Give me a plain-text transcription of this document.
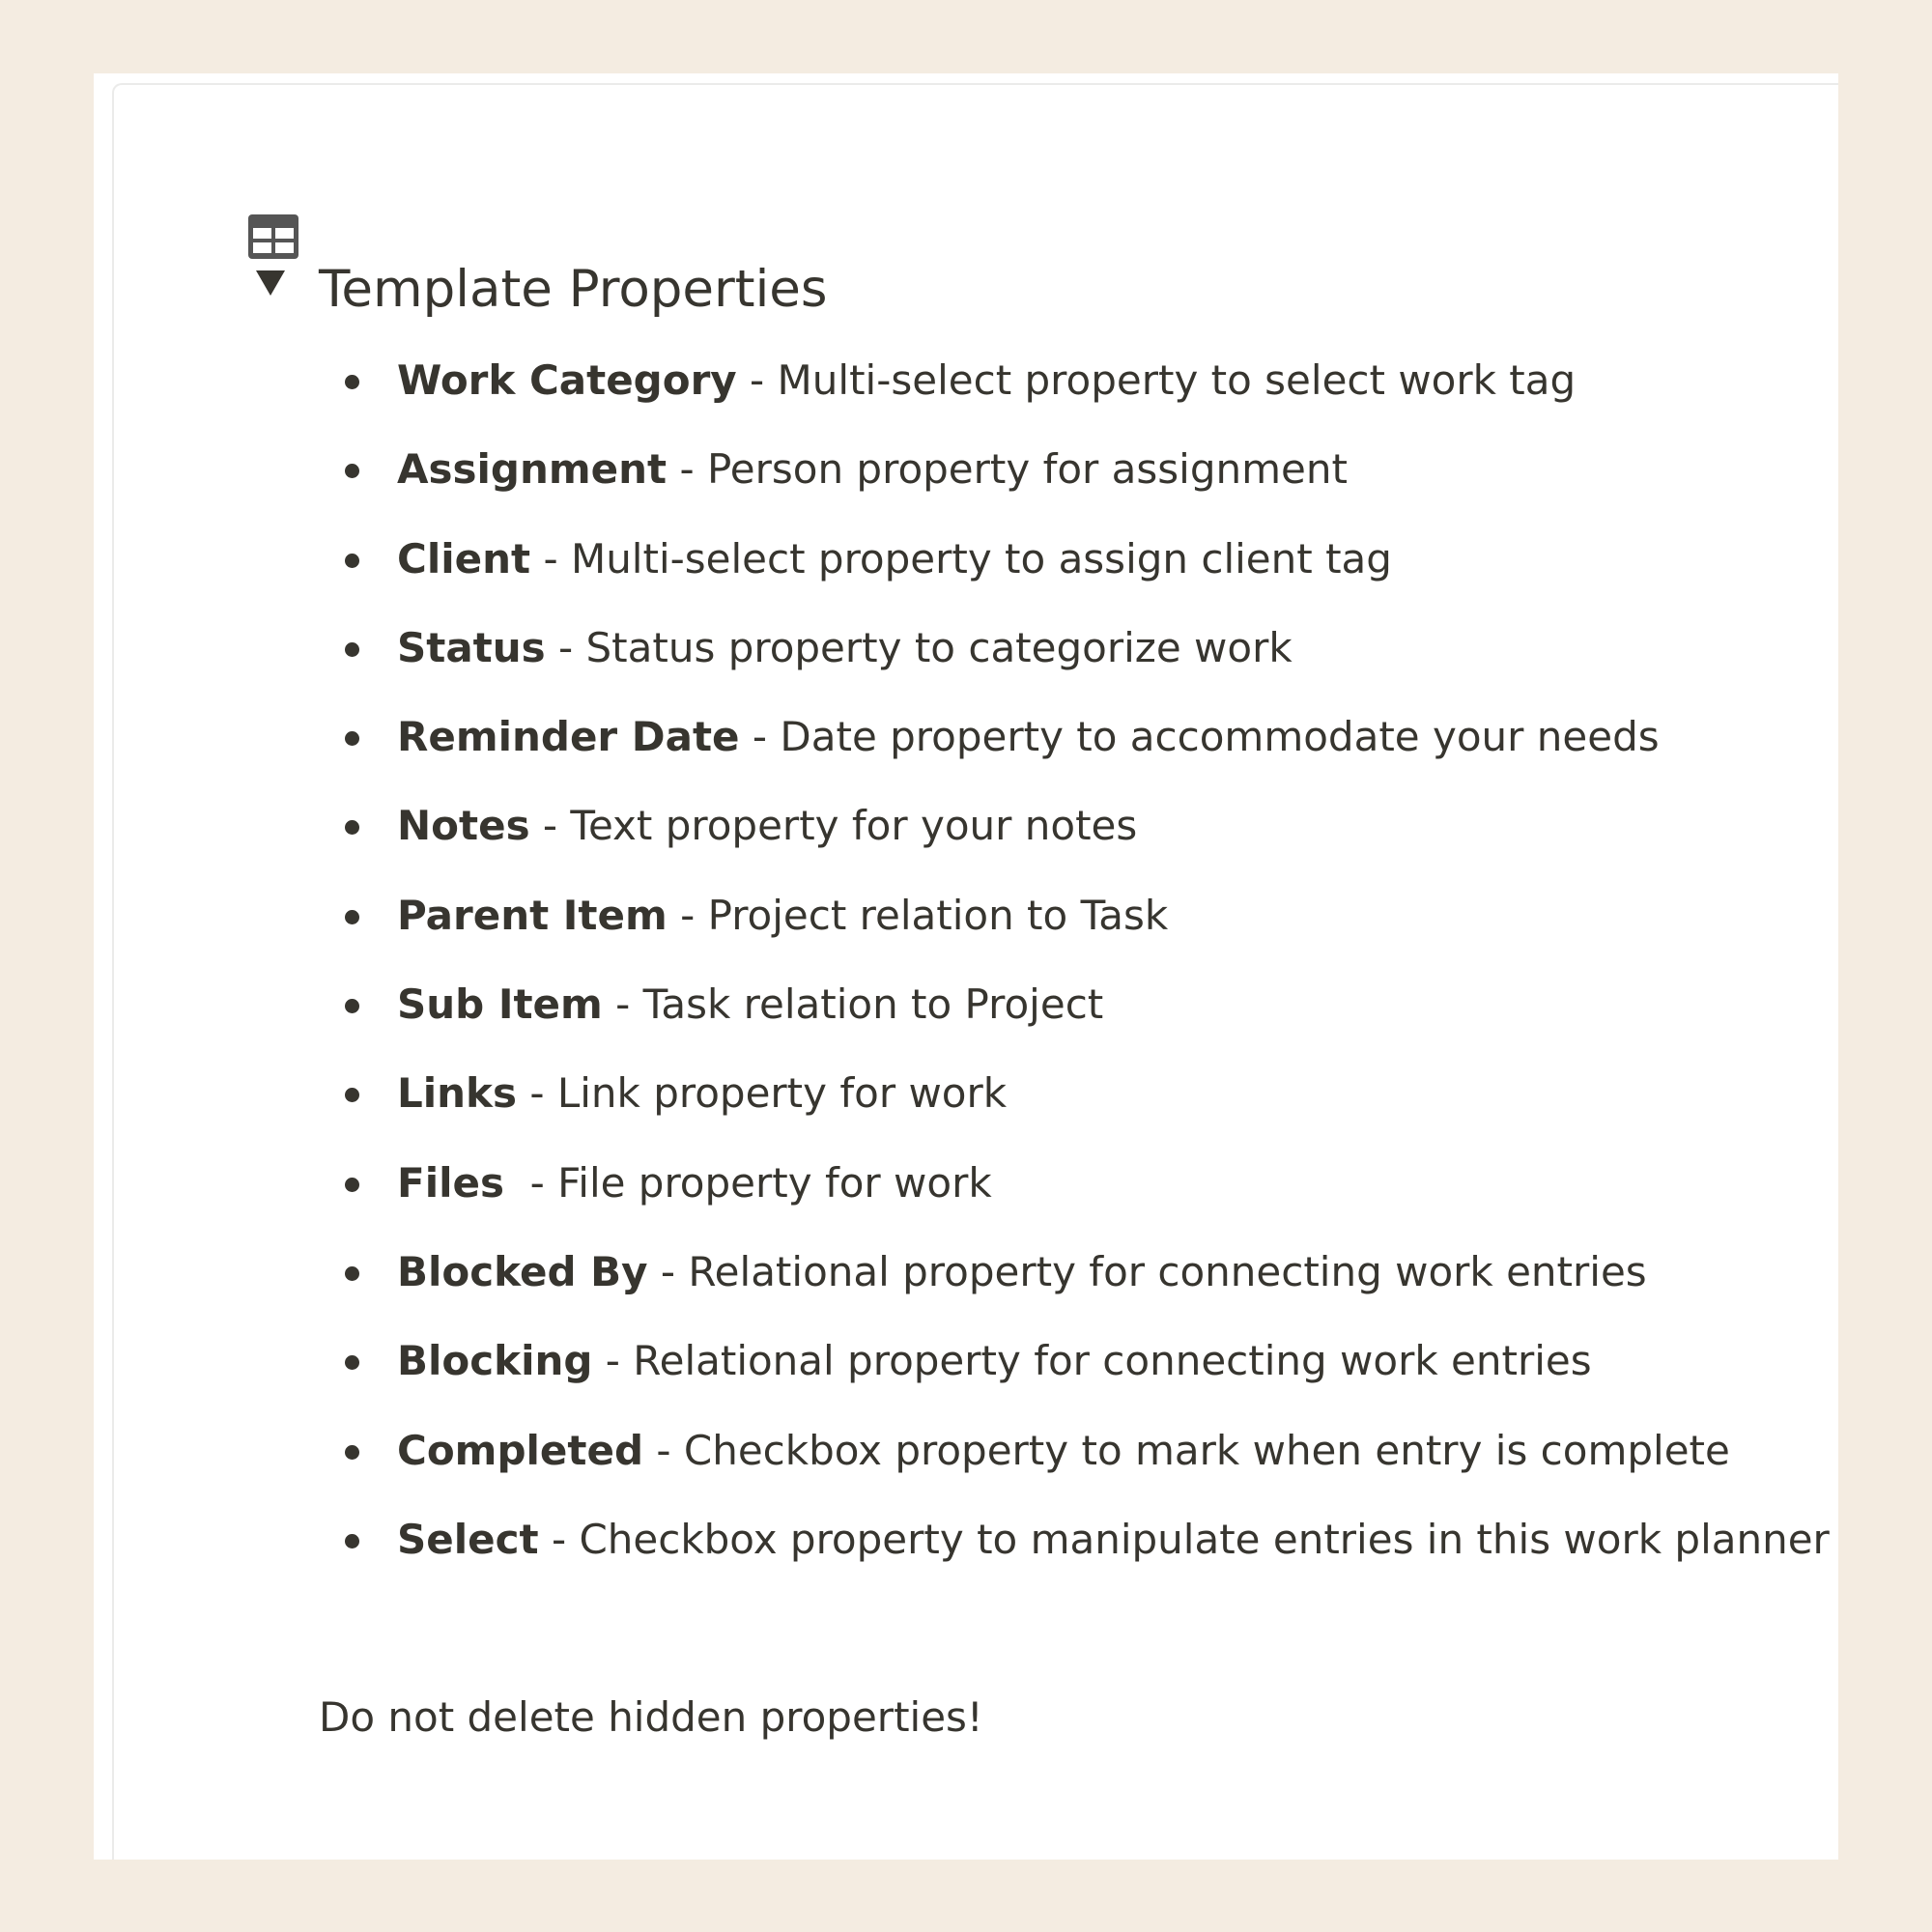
Template Properties
Work Category - Multi-select property to select work tag
Assignment - Person property for assignment
Client - Multi-select property to assign client tag
Status - Status property to categorize work
Reminder Date - Date property to accommodate your needs
Notes - Text property for your notes
Parent Item - Project relation to Task
Sub Item - Task relation to Project
Links - Link property for work
Files  - File property for work
Blocked By - Relational property for connecting work entries
Blocking - Relational property for connecting work entries
Completed - Checkbox property to mark when entry is complete
Select - Checkbox property to manipulate entries in this work planner
Do not delete hidden properties!
